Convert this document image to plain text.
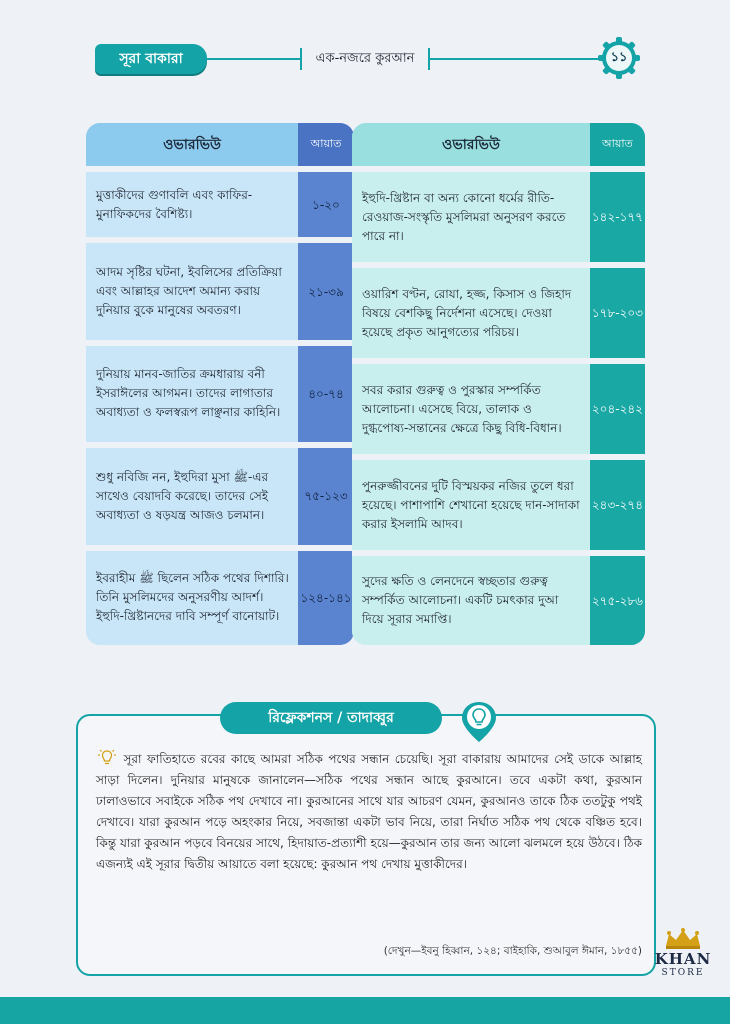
সূরা বাকারা	এক-নজরে কুরআন	১১
ওভারভিউ	আয়াত

মুত্তাকীদের গুণাবলি এবং কাফির-মুনাফিকদের বৈশিষ্ট্য।	১-২০

আদম সৃষ্টির ঘটনা, ইবলিসের প্রতিক্রিয়া এবং আল্লাহর আদেশ অমান্য করায় দুনিয়ার বুকে মানুষের অবতরণ।	২১-৩৯

দুনিয়ায় মানব-জাতির ক্রমধারায় বনী ইসরাঈলের আগমন। তাদের লাগাতার অবাধ্যতা ও ফলস্বরূপ লাঞ্ছনার কাহিনি।	৪০-৭৪

শুধু নবিজি নন, ইহুদিরা মুসা ﷺ-এর সাথেও বেয়াদবি করেছে। তাদের সেই অবাধ্যতা ও ষড়যন্ত্র আজও চলমান।	৭৫-১২৩

ইবরাহীম ﷺ ছিলেন সঠিক পথের দিশারি। তিনি মুসলিমদের অনুসরণীয় আদর্শ। ইহুদি-খ্রিষ্টানদের দাবি সম্পূর্ণ বানোয়াট।	১২৪-১৪১
ওভারভিউ	আয়াত

ইহুদি-খ্রিষ্টান বা অন্য কোনো ধর্মের রীতি-রেওয়াজ-সংস্কৃতি মুসলিমরা অনুসরণ করতে পারে না।	১৪২-১৭৭

ওয়ারিশ বণ্টন, রোযা, হজ্জ, কিসাস ও জিহাদ বিষয়ে বেশকিছু নির্দেশনা এসেছে। দেওয়া হয়েছে প্রকৃত আনুগত্যের পরিচয়।	১৭৮-২০৩

সবর করার গুরুত্ব ও পুরস্কার সম্পর্কিত আলোচনা। এসেছে বিয়ে, তালাক ও দুগ্ধপোষ্য-সন্তানের ক্ষেত্রে কিছু বিধি-বিধান।	২০৪-২৪২

পুনরুজ্জীবনের দুটি বিস্ময়কর নজির তুলে ধরা হয়েছে। পাশাপাশি শেখানো হয়েছে দান-সাদাকা করার ইসলামি আদব।	২৪৩-২৭৪

সুদের ক্ষতি ও লেনদেনে স্বচ্ছতার গুরুত্ব সম্পর্কিত আলোচনা। একটি চমৎকার দুআ দিয়ে সূরার সমাপ্তি।	২৭৫-২৮৬
রিফ্লেকশনস / তাদাব্বুর
সূরা ফাতিহাতে রবের কাছে আমরা সঠিক পথের সন্ধান চেয়েছি। সূরা বাকারায় আমাদের সেই ডাকে আল্লাহ সাড়া দিলেন। দুনিয়ার মানুষকে জানালেন—সঠিক পথের সন্ধান আছে কুরআনে। তবে একটা কথা, কুরআন ঢালাওভাবে সবাইকে সঠিক পথ দেখাবে না। কুরআনের সাথে যার আচরণ যেমন, কুরআনও তাকে ঠিক ততটুকু পথই দেখাবে। যারা কুরআন পড়ে অহংকার নিয়ে, সবজান্তা একটা ভাব নিয়ে, তারা নির্ঘাত সঠিক পথ থেকে বঞ্চিত হবে। কিন্তু যারা কুরআন পড়বে বিনয়ের সাথে, হিদায়াত-প্রত্যাশী হয়ে—কুরআন তার জন্য আলো ঝলমলে হয়ে উঠবে। ঠিক এজন্যই এই সূরার দ্বিতীয় আয়াতে বলা হয়েছে: কুরআন পথ দেখায় মুত্তাকীদের।
(দেখুন—ইবনু হিব্বান, ১২৪; বাইহাকি, শুআবুল ঈমান, ১৮৫৫) KHAN
STORE
